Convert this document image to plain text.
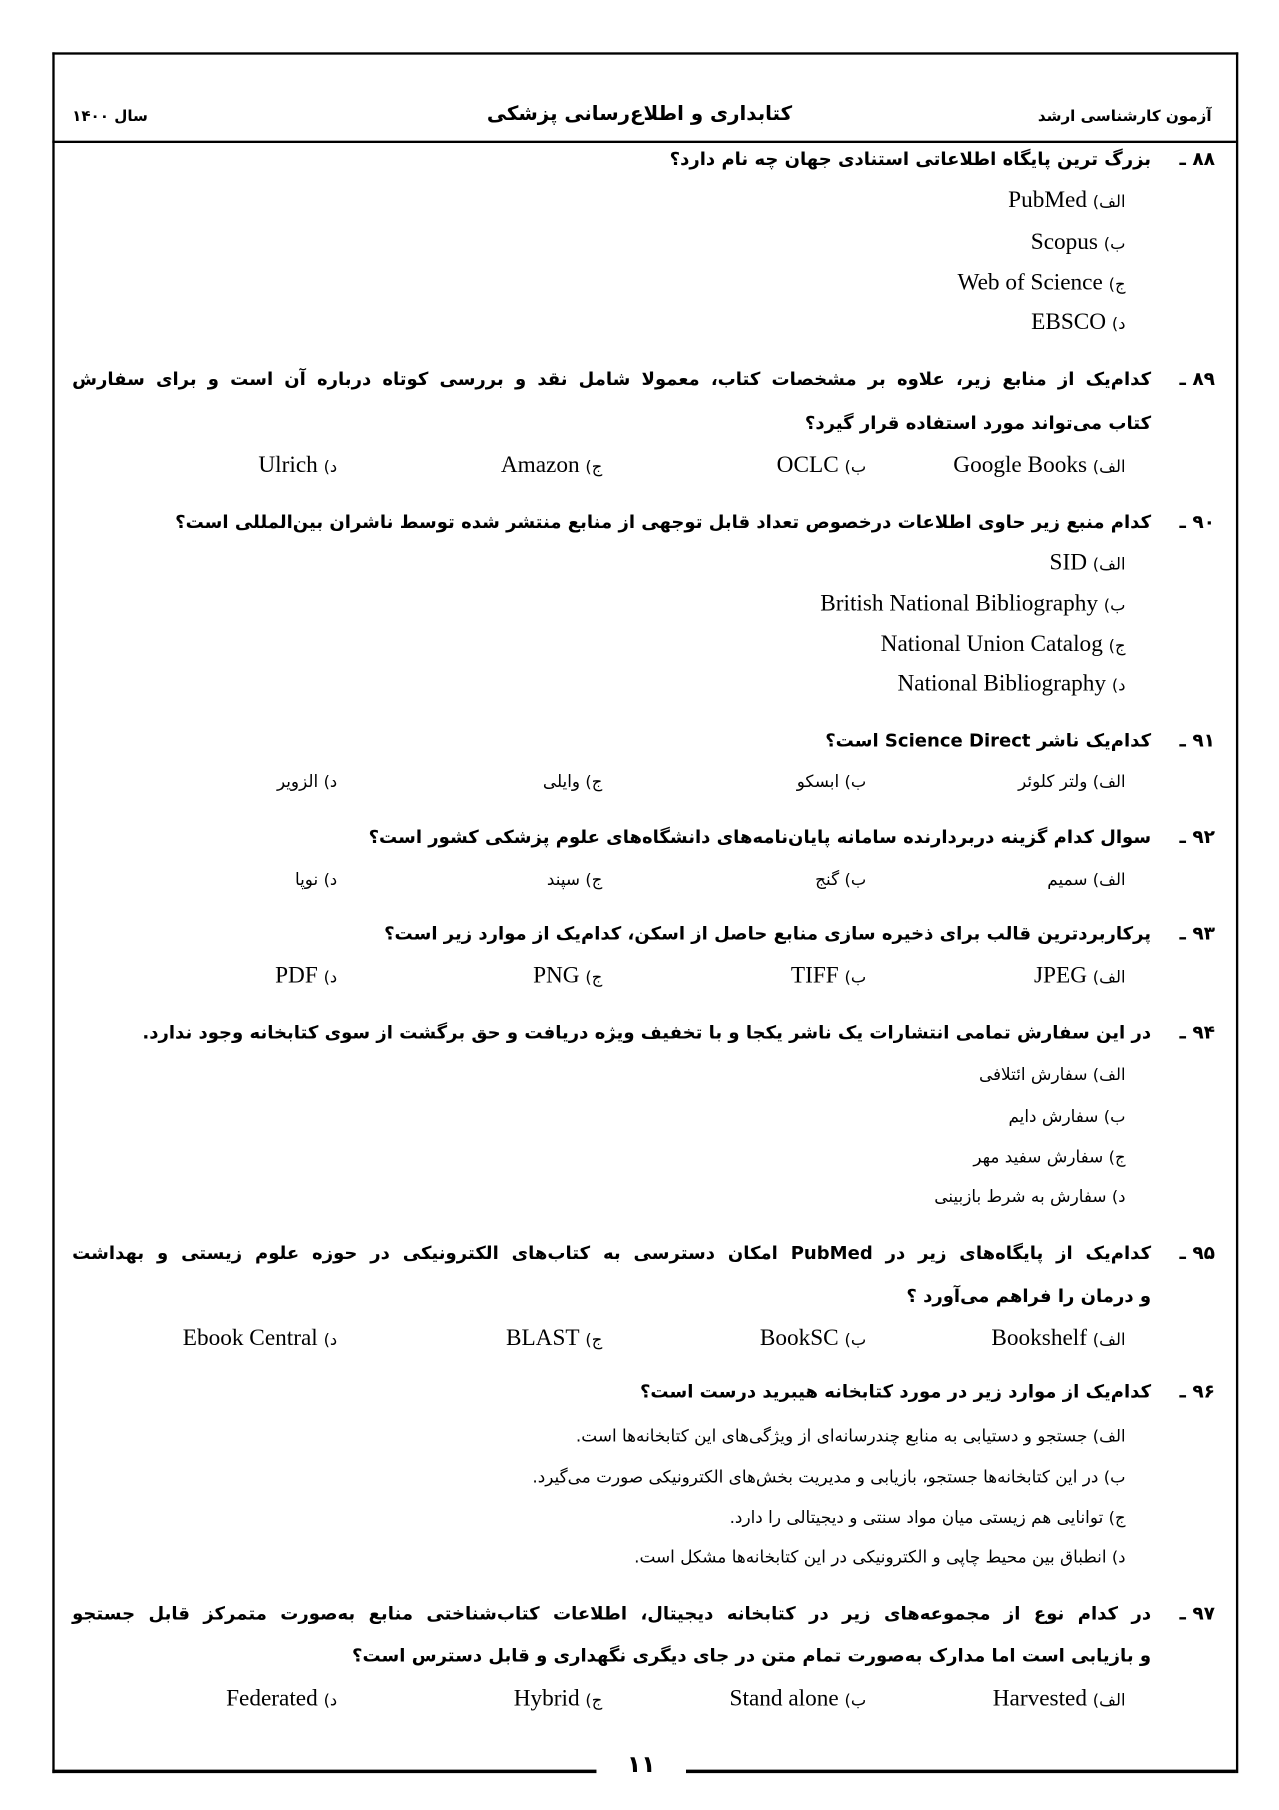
آزمون کارشناسی ارشد
کتابداری و اطلاع‌رسانی پزشکی
سال ۱۴۰۰
۸۸ ـ
بزرگ ترین پایگاه اطلاعاتی استنادی جهان چه نام دارد؟
الف) PubMed
ب) Scopus
ج) Web of Science
د) EBSCO
۸۹ ـ
کدام‌یک از منابع زیر، علاوه بر مشخصات کتاب، معمولا شامل نقد و بررسی کوتاه درباره آن است و برای سفارش
کتاب می‌تواند مورد استفاده قرار گیرد؟
الف) Google Books
ب) OCLC
ج) Amazon
د) Ulrich
۹۰ ـ
کدام منبع زیر حاوی اطلاعات درخصوص تعداد قابل توجهی از منابع منتشر شده توسط ناشران بین‌المللی است؟
الف) SID
ب) British National Bibliography
ج) National Union Catalog
د) National Bibliography
۹۱ ـ
کدام‌یک ناشر Science Direct است؟
الف) ولتر کلوئر
ب) ابسکو
ج) وایلی
د) الزویر
۹۲ ـ
سوال کدام گزینه دربردارنده سامانه پایان‌نامه‌های دانشگاه‌های علوم پزشکی کشور است؟
الف) سمیم
ب) گنج
ج) سپند
د) نوپا
۹۳ ـ
پرکاربردترین قالب برای ذخیره سازی منابع حاصل از اسکن، کدام‌یک از موارد زیر است؟
الف) JPEG
ب) TIFF
ج) PNG
د) PDF
۹۴ ـ
در این سفارش تمامی انتشارات یک ناشر یکجا و با تخفیف ویژه دریافت و حق برگشت از سوی کتابخانه وجود ندارد.
الف) سفارش ائتلافی
ب) سفارش دایم
ج) سفارش سفید مهر
د) سفارش به شرط بازبینی
۹۵ ـ
کدام‌یک از پایگاه‌های زیر در PubMed امکان دسترسی به کتاب‌های الکترونیکی در حوزه علوم زیستی و بهداشت
و درمان را فراهم می‌آورد ؟
الف) Bookshelf
ب) BookSC
ج) BLAST
د) Ebook Central
۹۶ ـ
کدام‌یک از موارد زیر در مورد کتابخانه هیبرید درست است؟
الف) جستجو و دستیابی به منابع چندرسانه‌ای از ویژگی‌های این کتابخانه‌ها است.
ب) در این کتابخانه‌ها جستجو، بازیابی و مدیریت بخش‌های الکترونیکی صورت می‌گیرد.
ج) توانایی هم زیستی میان مواد سنتی و دیجیتالی را دارد.
د) انطباق بین محیط چاپی و الکترونیکی در این کتابخانه‌ها مشکل است.
۹۷ ـ
در کدام نوع از مجموعه‌های زیر در کتابخانه دیجیتال، اطلاعات کتاب‌شناختی منابع به‌صورت متمرکز قابل جستجو
و بازیابی است اما مدارک به‌صورت تمام متن در جای دیگری نگهداری و قابل دسترس است؟
الف) Harvested
ب) Stand alone
ج) Hybrid
د) Federated
۱۱
